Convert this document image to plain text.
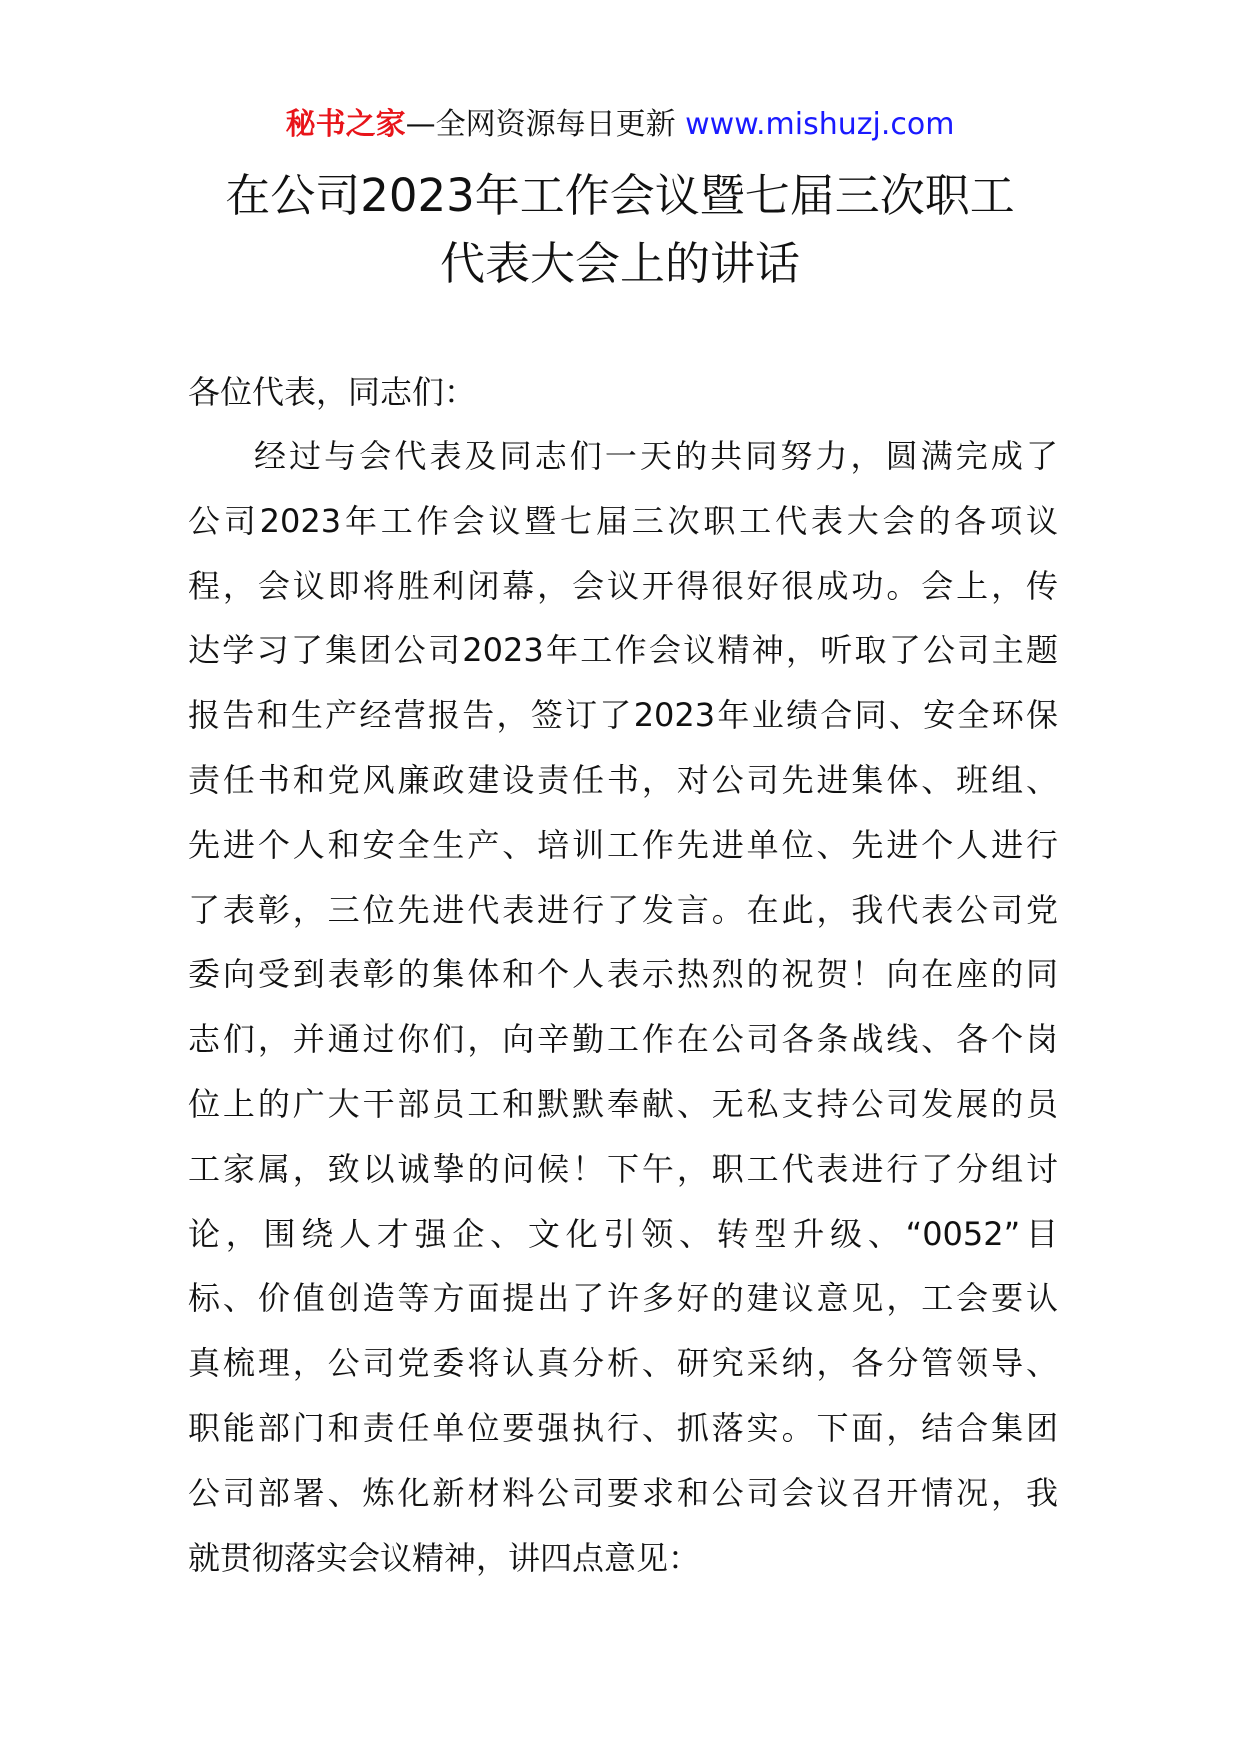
秘书之家—全网资源每日更新 www.mishuzj.com
在公司2023年工作会议暨七届三次职工
代表大会上的讲话

各位代表，同志们：

经过与会代表及同志们一天的共同努力，圆满完成了
公司2023年工作会议暨七届三次职工代表大会的各项议
程，会议即将胜利闭幕，会议开得很好很成功。会上，传
达学习了集团公司2023年工作会议精神，听取了公司主题
报告和生产经营报告，签订了2023年业绩合同、安全环保
责任书和党风廉政建设责任书，对公司先进集体、班组、
先进个人和安全生产、培训工作先进单位、先进个人进行
了表彰，三位先进代表进行了发言。在此，我代表公司党
委向受到表彰的集体和个人表示热烈的祝贺！向在座的同
志们，并通过你们，向辛勤工作在公司各条战线、各个岗
位上的广大干部员工和默默奉献、无私支持公司发展的员
工家属，致以诚挚的问候！下午，职工代表进行了分组讨
论，围绕人才强企、文化引领、转型升级、“0052”目
标、价值创造等方面提出了许多好的建议意见，工会要认
真梳理，公司党委将认真分析、研究采纳，各分管领导、
职能部门和责任单位要强执行、抓落实。下面，结合集团
公司部署、炼化新材料公司要求和公司会议召开情况，我
就贯彻落实会议精神，讲四点意见：
